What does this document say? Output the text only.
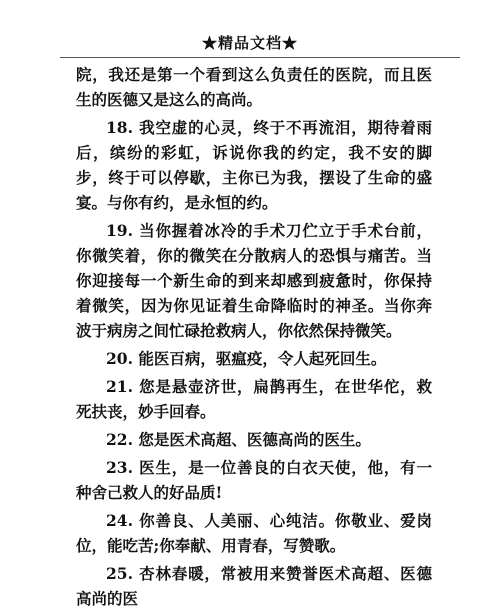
★精品文档★

院，我还是第一个看到这么负责任的医院，而且医生的医德又是这么的高尚。

18. 我空虚的心灵，终于不再流泪，期待着雨后，缤纷的彩虹，诉说你我的约定，我不安的脚步，终于可以停歇，主你已为我，摆设了生命的盛宴。与你有约，是永恒的约。

19. 当你握着冰冷的手术刀伫立于手术台前，你微笑着，你的微笑在分散病人的恐惧与痛苦。当你迎接每一个新生命的到来却感到疲惫时，你保持着微笑，因为你见证着生命降临时的神圣。当你奔波于病房之间忙碌抢救病人，你依然保持微笑。

20. 能医百病，驱瘟疫，令人起死回生。

21. 您是悬壶济世，扁鹊再生，在世华佗，救死扶丧，妙手回春。

22. 您是医术高超、医德高尚的医生。

23. 医生，是一位善良的白衣天使，他，有一种舍己救人的好品质!

24. 你善良、人美丽、心纯洁。你敬业、爱岗位，能吃苦;你奉献、用青春，写赞歌。

25. 杏林春暖，常被用来赞誉医术高超、医德高尚的医
